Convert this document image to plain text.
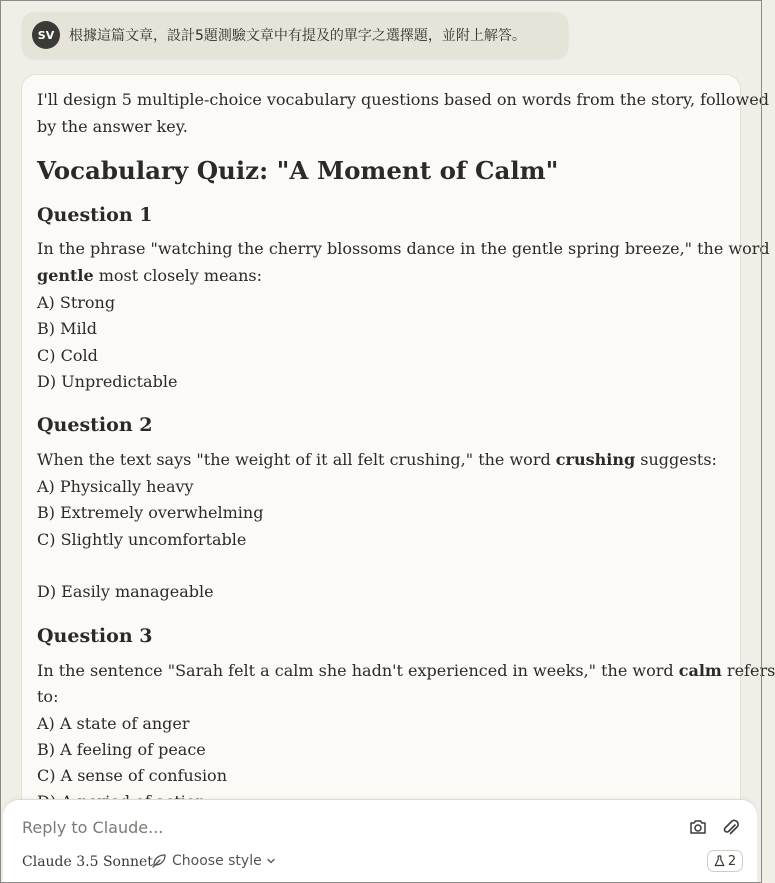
SV	根據這篇文章，設計5題測驗文章中有提及的單字之選擇題，並附上解答。
I'll design 5 multiple-choice vocabulary questions based on words from the story, followed
by the answer key.
Vocabulary Quiz: "A Moment of Calm"
Question 1
In the phrase "watching the cherry blossoms dance in the gentle spring breeze," the word
gentle most closely means:
A) Strong
B) Mild
C) Cold
D) Unpredictable
Question 2
When the text says "the weight of it all felt crushing," the word crushing suggests:
A) Physically heavy
B) Extremely overwhelming
C) Slightly uncomfortable
D) Easily manageable
Question 3
In the sentence "Sarah felt a calm she hadn't experienced in weeks," the word calm refers
to:
A) A state of anger
B) A feeling of peace
C) A sense of confusion
Reply to Claude...
Claude 3.5 Sonnet Choose style	2
